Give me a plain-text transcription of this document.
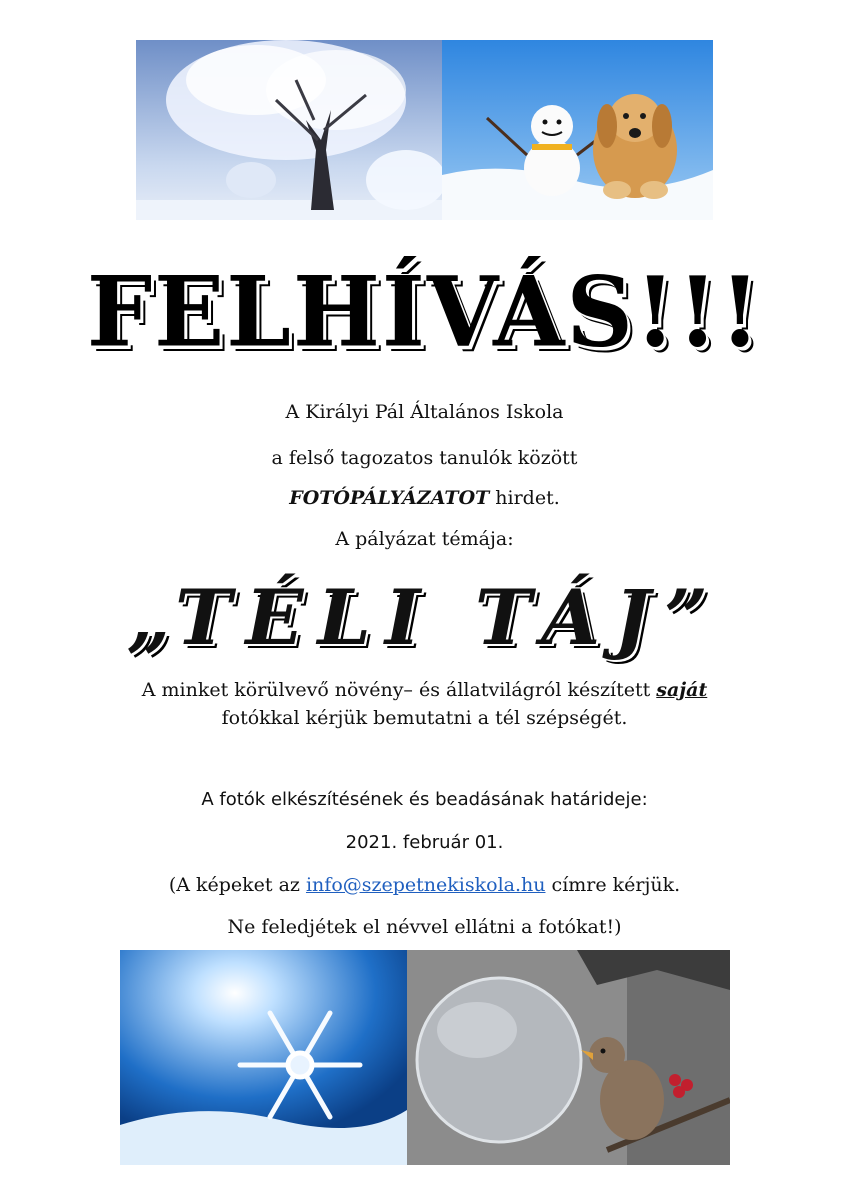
FELHÍVÁS!!!
A Királyi Pál Általános Iskola
a felső tagozatos tanulók között
FOTÓPÁLYÁZATOT hirdet.
A pályázat témája:
„TÉLI TÁJ”
A minket körülvevő növény– és állatvilágról készített saját
fotókkal kérjük bemutatni a tél szépségét.
A fotók elkészítésének és beadásának határideje:
2021. február 01.
(A képeket az info@szepetnekiskola.hu címre kérjük.
Ne feledjétek el névvel ellátni a fotókat!)
